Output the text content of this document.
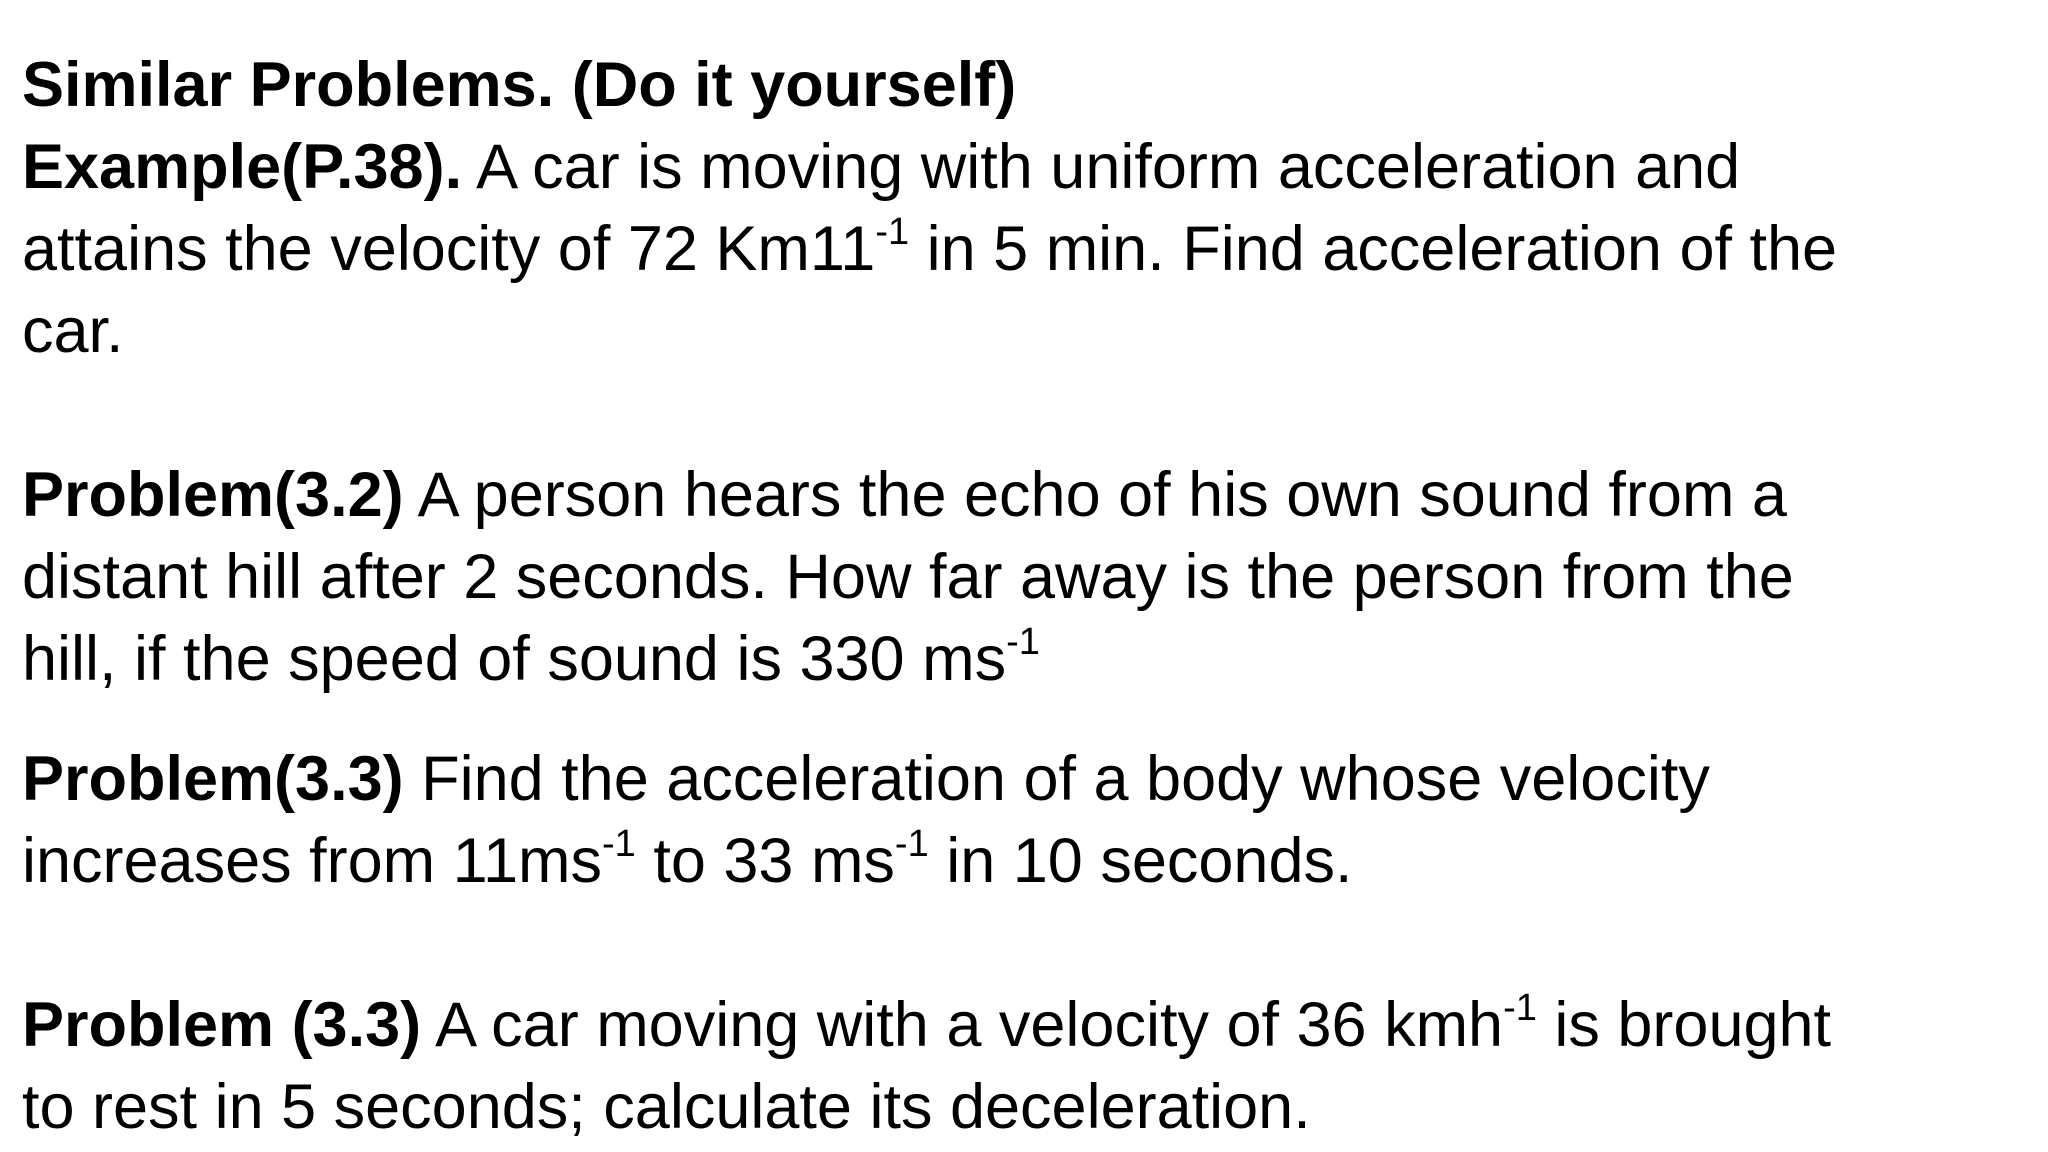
Similar Problems. (Do it yourself)

Example(P.38). A car is moving with uniform acceleration and

attains the velocity of 72 $Km11^{-1}$ in 5 min. Find acceleration of the

car.

Problem(3.2) A person hears the echo of his own sound from a

distant hill after 2 seconds. How far away is the person from the

hill, if the speed of sound is 330 $ms^{-1}$

Problem(3.3) Find the acceleration of a body whose velocity

increases from $11ms^{-1}$ to 33 $ms^{-1}$ in 10 seconds.

Problem (3.3) A car moving with a velocity of 36 kmh$^{-1}$ is brought

to rest in 5 seconds; calculate its deceleration.
